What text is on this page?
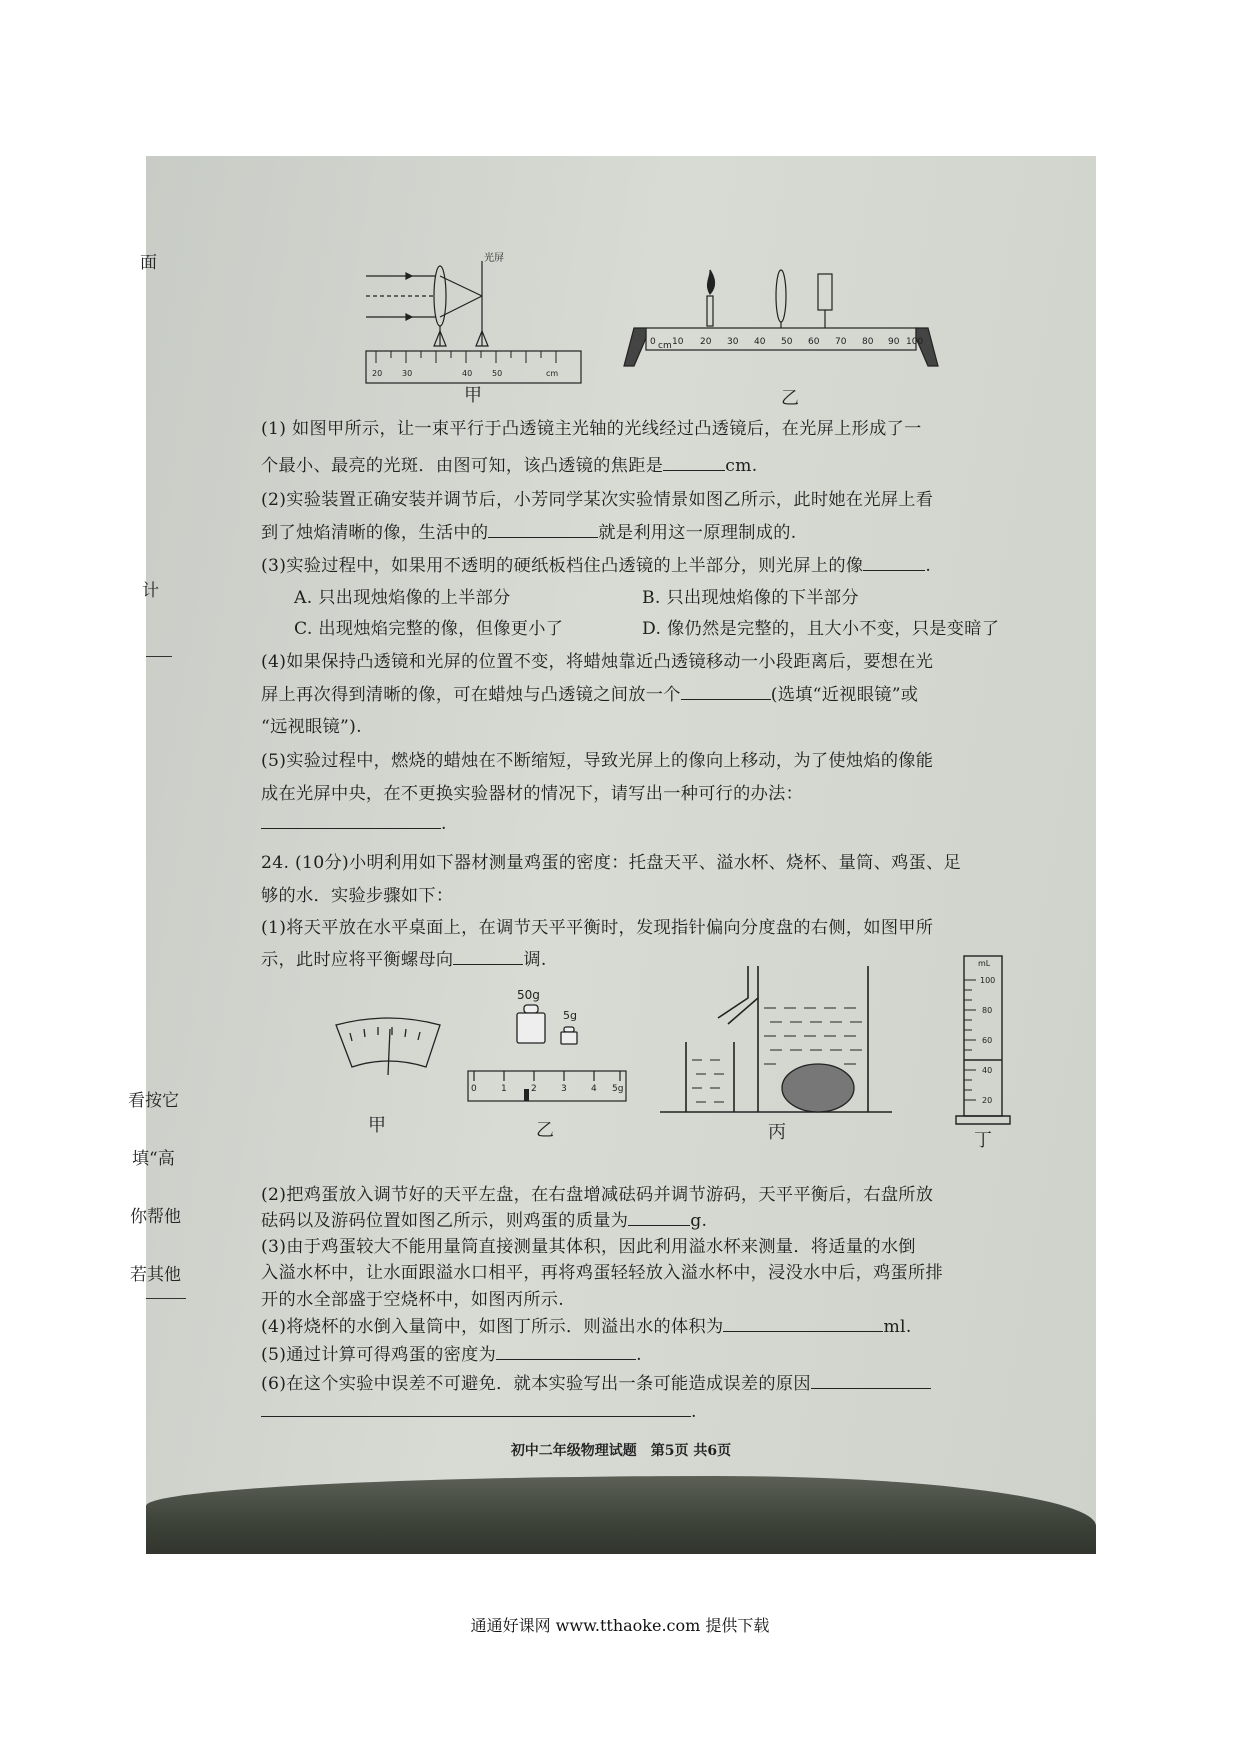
面
计
看按它
填“高
你帮他
若其他
光屏
20 30	40 50	cm
甲
0 cm 10 20 30 40 50 60 70 80 90 100
乙
(1) 如图甲所示，让一束平行于凸透镜主光轴的光线经过凸透镜后，在光屏上形成了一
个最小、最亮的光斑．由图可知，该凸透镜的焦距是	cm.
(2)实验装置正确安装并调节后，小芳同学某次实验情景如图乙所示，此时她在光屏上看
到了烛焰清晰的像，生活中的	就是利用这一原理制成的.
(3)实验过程中，如果用不透明的硬纸板档住凸透镜的上半部分，则光屏上的像	.
A. 只出现烛焰像的上半部分	B. 只出现烛焰像的下半部分
C. 出现烛焰完整的像，但像更小了	D. 像仍然是完整的，且大小不变，只是变暗了
(4)如果保持凸透镜和光屏的位置不变，将蜡烛靠近凸透镜移动一小段距离后，要想在光
屏上再次得到清晰的像，可在蜡烛与凸透镜之间放一个	(选填“近视眼镜”或
“远视眼镜”).
(5)实验过程中，燃烧的蜡烛在不断缩短，导致光屏上的像向上移动，为了使烛焰的像能
成在光屏中央，在不更换实验器材的情况下，请写出一种可行的办法：
.
24. (10分)小明利用如下器材测量鸡蛋的密度：托盘天平、溢水杯、烧杯、量筒、鸡蛋、足
够的水．实验步骤如下：
(1)将天平放在水平桌面上，在调节天平平衡时，发现指针偏向分度盘的右侧，如图甲所
示，此时应将平衡螺母向	调.
甲
50g
5g
0	1	2	3	4 5g
乙	丙
mL
100
80
60
40
20
丁
(2)把鸡蛋放入调节好的天平左盘，在右盘增减砝码并调节游码，天平平衡后，右盘所放
砝码以及游码位置如图乙所示，则鸡蛋的质量为	g.
(3)由于鸡蛋较大不能用量筒直接测量其体积，因此利用溢水杯来测量．将适量的水倒
入溢水杯中，让水面跟溢水口相平，再将鸡蛋轻轻放入溢水杯中，浸没水中后，鸡蛋所排
开的水全部盛于空烧杯中，如图丙所示.
(4)将烧杯的水倒入量筒中，如图丁所示．则溢出水的体积为	ml.
(5)通过计算可得鸡蛋的密度为	.
(6)在这个实验中误差不可避免．就本实验写出一条可能造成误差的原因
.
初中二年级物理试题　第5页 共6页
通通好课网 www.tthaoke.com 提供下载
